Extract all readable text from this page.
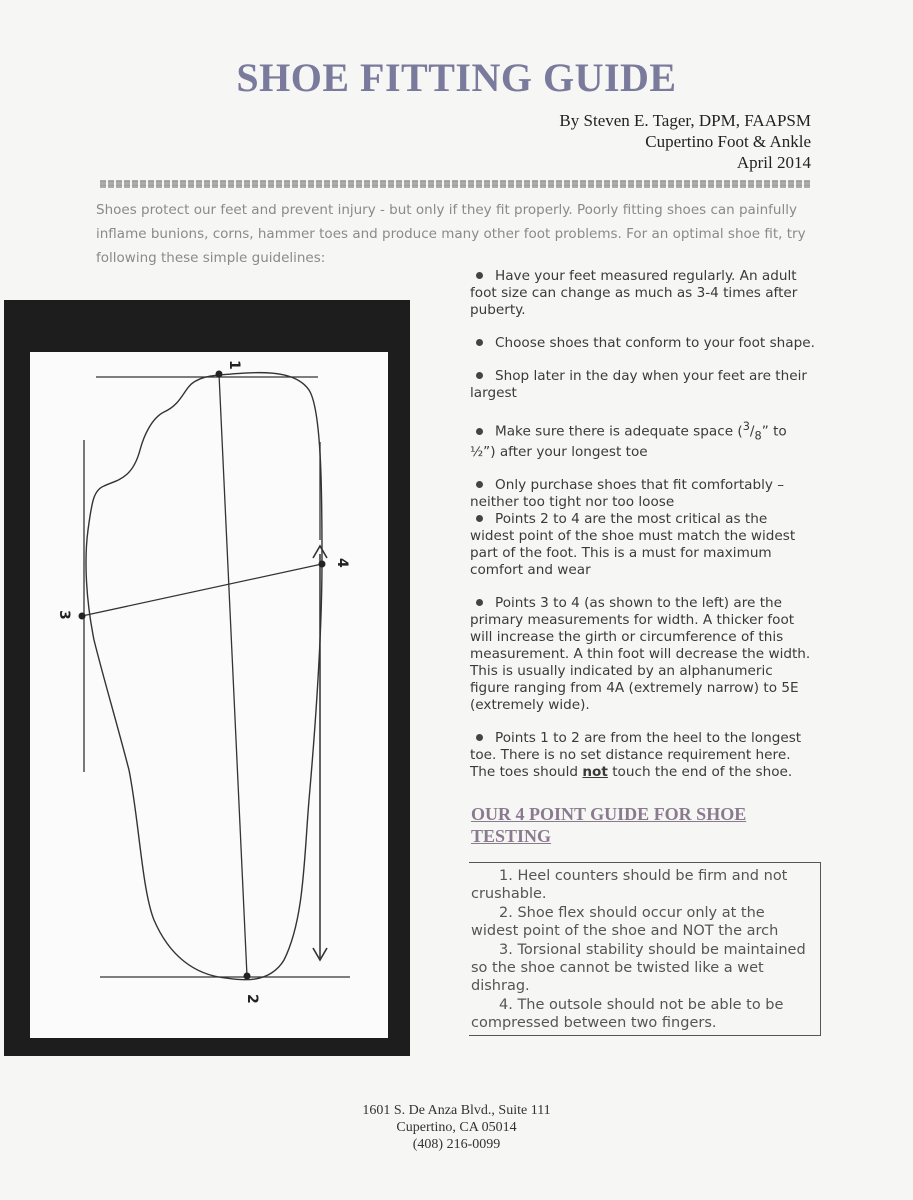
SHOE FITTING GUIDE
By Steven E. Tager, DPM, FAAPSM
Cupertino Foot & Ankle
April 2014

Shoes protect our feet and prevent injury - but only if they fit properly. Poorly fitting shoes can painfully inflame bunions, corns, hammer toes and produce many other foot problems. For an optimal shoe fit, try following these simple guidelines:

1
2
3
4
Have your feet measured regularly. An adult foot size can change as much as 3-4 times after puberty.
Choose shoes that conform to your foot shape.
Shop later in the day when your feet are their largest
Make sure there is adequate space ($^3/_8$” to ½”) after your longest toe
Only purchase shoes that fit comfortably – neither too tight nor too loose
Points 2 to 4 are the most critical as the widest point of the shoe must match the widest part of the foot. This is a must for maximum comfort and wear
Points 3 to 4 (as shown to the left) are the primary measurements for width. A thicker foot will increase the girth or circumference of this measurement. A thin foot will decrease the width. This is usually indicated by an alphanumeric figure ranging from 4A (extremely narrow) to 5E (extremely wide).
Points 1 to 2 are from the heel to the longest toe. There is no set distance requirement here. The toes should not touch the end of the shoe.
OUR 4 POINT GUIDE FOR SHOE TESTING

1. Heel counters should be firm and not crushable.

2. Shoe flex should occur only at the widest point of the shoe and NOT the arch

3. Torsional stability should be maintained so the shoe cannot be twisted like a wet dishrag.

4. The outsole should not be able to be compressed between two fingers.

1601 S. De Anza Blvd., Suite 111
Cupertino, CA 05014
(408) 216-0099
